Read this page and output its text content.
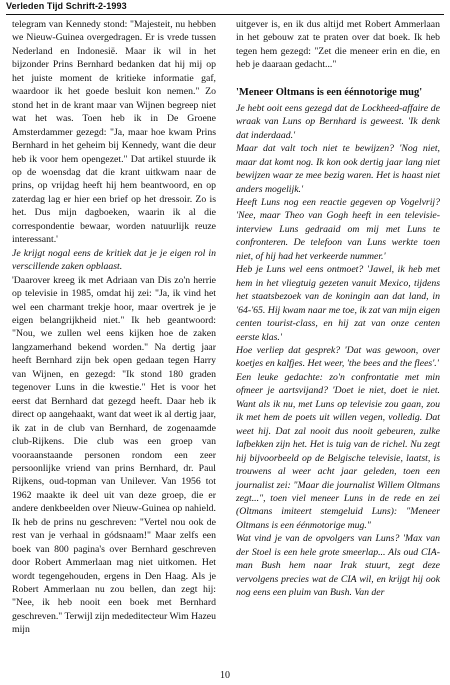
Verleden Tijd Schrift-2-1993

telegram van Kennedy stond: "Majesteit, nu hebben we Nieuw-Guinea overgedragen. Er is vrede tussen Nederland en Indonesië. Maar ik wil in het bijzonder Prins Bernhard bedanken dat hij mij op het juiste moment de kritieke informatie gaf, waardoor ik het goede besluit kon nemen." Zo stond het in de krant maar van Wijnen begreep niet wat het was. Toen heb ik in De Groene Amsterdammer gezegd: "Ja, maar hoe kwam Prins Bernhard in het geheim bij Kennedy, want die deur heb ik voor hem opengezet." Dat artikel stuurde ik op de woensdag dat die krant uitkwam naar de prins, op vrijdag heeft hij hem beantwoord, en op zaterdag lag er hier een brief op het dressoir. Zo is het. Dus mijn dagboeken, waarin ik al die correspondentie bewaar, worden natuurlijk reuze interessant.'

Je krijgt nogal eens de kritiek dat je je eigen rol in verscillende zaken opblaast.

'Daarover kreeg ik met Adriaan van Dis zo'n herrie op televisie in 1985, omdat hij zei: "Ja, ik vind het wel een charmant trekje hoor, maar overtrek je je eigen belangrijkheid niet." Ik heb geantwoord: "Nou, we zullen wel eens kijken hoe de zaken langzamerhand bekend worden." Na dertig jaar heeft Bernhard zijn bek open gedaan tegen Harry van Wijnen, en gezegd: "Ik stond 180 graden tegenover Luns in die kwestie." Het is voor het eerst dat Bernhard dat gezegd heeft. Daar heb ik direct op aangehaakt, want dat weet ik al dertig jaar, ik zat in de club van Bernhard, de zogenaamde club-Rijkens. Die club was een groep van vooraanstaande personen rondom een zeer persoonlijke vriend van prins Bernhard, dr. Paul Rijkens, oud-topman van Unilever. Van 1956 tot 1962 maakte ik deel uit van deze groep, die er andere denkbeelden over Nieuw-Guinea op nahield. Ik heb de prins nu geschreven: "Vertel nou ook de rest van je verhaal in gódsnaam!" Maar zelfs een boek van 800 pagina's over Bernhard geschreven door Robert Ammerlaan mag niet uitkomen. Het wordt tegengehouden, ergens in Den Haag. Als je Robert Ammerlaan nu zou bellen, dan zegt hij: "Nee, ik heb nooit een boek met Bernhard geschreven." Terwijl zijn mededitecteur Wim Hazeu mijn

uitgever is, en ik dus altijd met Robert Ammerlaan in het gebouw zat te praten over dat boek. Ik heb tegen hem gezegd: "Zet die meneer erin en die, en heb je daaraan gedacht..."

'Meneer Oltmans is een éénnotorige mug'

Je hebt ooit eens gezegd dat de Lockheed-affaire de wraak van Luns op Bernhard is geweest. 'Ik denk dat inderdaad.'

Maar dat valt toch niet te bewijzen? 'Nog niet, maar dat komt nog. Ik kon ook dertig jaar lang niet bewijzen waar ze mee bezig waren. Het is haast niet anders mogelijk.'

Heeft Luns nog een reactie gegeven op Vogelvrij? 'Nee, maar Theo van Gogh heeft in een televisie-interview Luns gedraaid om mij met Luns te confronteren. De telefoon van Luns werkte toen niet, of hij had het verkeerde nummer.'

Heb je Luns wel eens ontmoet? 'Jawel, ik heb met hem in het vliegtuig gezeten vanuit Mexico, tijdens het staatsbezoek van de koningin aan dat land, in '64-'65. Hij kwam naar me toe, ik zat van mijn eigen centen tourist-class, en hij zat van onze centen eerste klas.'

Hoe verliep dat gesprek? 'Dat was gewoon, over koetjes en kalfjes. Het weer, 'the bees and the flees'.'

Een leuke gedachte: zo'n confrontatie met min ofmeer je aartsvijand? 'Doet ie niet, doet ie niet. Want als ik nu, met Luns op televisie zou gaan, zou ik met hem de poets uit willen vegen, volledig. Dat weet hij. Dat zal nooit dus nooit gebeuren, zulke lafbekken zijn het. Het is tuig van de richel. Nu zegt hij bijvoorbeeld op de Belgische televisie, laatst, is trouwens al weer acht jaar geleden, toen een journalist zei: "Maar die journalist Willem Oltmans zegt...", toen viel meneer Luns in de rede en zei (Oltmans imiteert stemgeluid Luns): "Meneer Oltmans is een éénmotorige mug."

Wat vind je van de opvolgers van Luns? 'Max van der Stoel is een hele grote smeerlap... Als oud CIA-man Bush hem naar Irak stuurt, zegt deze vervolgens precies wat de CIA wil, en krijgt hij ook nog eens een pluim van Bush. Van der

10
